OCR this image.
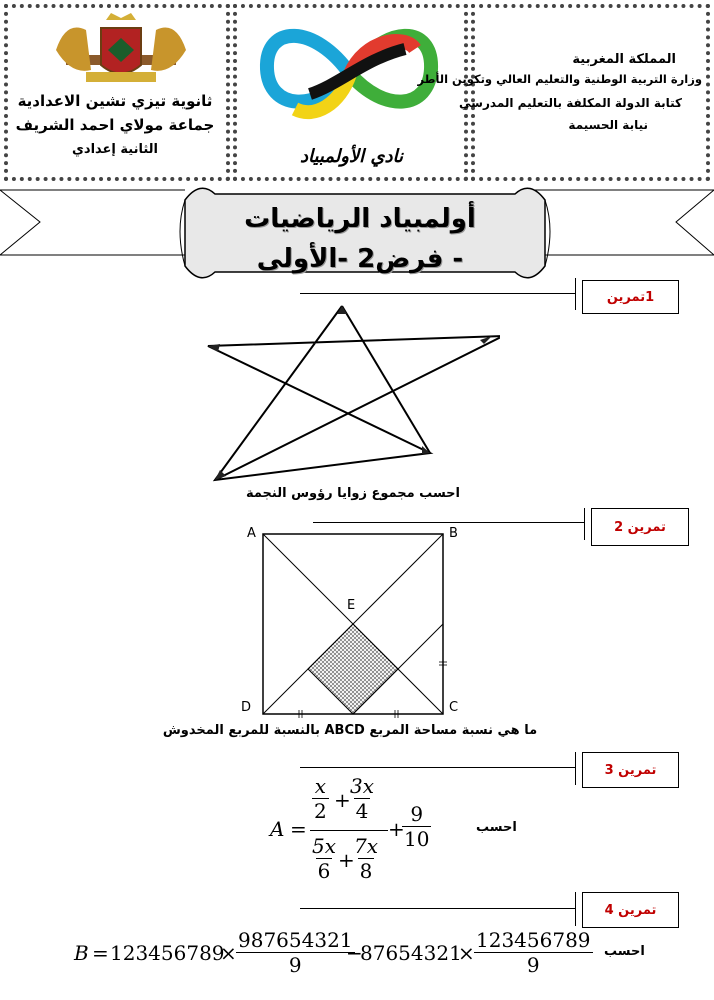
ثانوية تيزي تشين الاعدادية
جماعة مولاي احمد الشريف
الثانية إعدادي	نادي الأولمبياد
المملكة المغربية
وزارة التربية الوطنية والتعليم العالي وتكوين الأطر
كتابة الدولة المكلفة بالتعليم المدرسي
نيابة الحسيمة
أولمبياد الرياضيات
- فرض2 -الأولى
1تمرين
احسب مجموع زوايا رؤوس النجمة
تمرين 2
A	B
C
D
E
ما هي نسبة مساحة المربع ABCD بالنسبة للمربع المخدوش
تمرين 3
A =
$\frac{x}{2}$ +
$\frac{3x}{4}$
$\frac{5x}{6}$ +
$\frac{7x}{8}$
+
$\frac{9}{10}$	احسب
تمرين 4
B = 123456789
× $\frac{987654321}{9}$
−
87654321
× $\frac{123456789}{9}$ احسب
